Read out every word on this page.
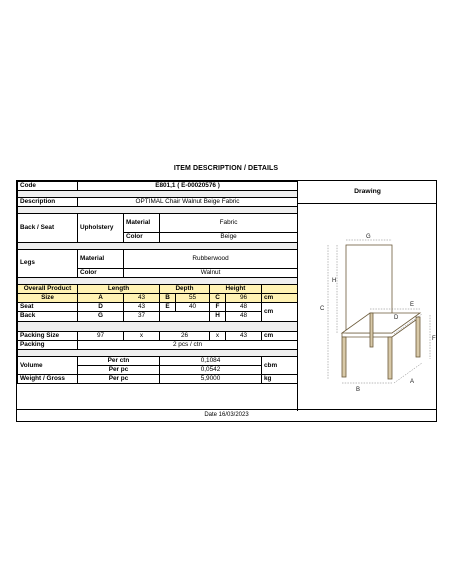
ITEM DESCRIPTION / DETAILS
Code	E801,1 ( E-00020576 )						

Description	OPTIMAL Chair Walnut Beige Fabric						

Back / Seat	Upholstery	Material	Fabric				
		Color	Beige				

Legs	Material	Rubberwood					
	Color	Walnut					

Overall Product	Length		Depth		Height		
Size	A	43	B	55	C	96	cm
Seat	D	43	E	40	F	48	cm
Back	G	37			H	48	

Packing Size	97	x	26		x	43	cm
Packing	2 pcs / ctn						

Volume	Per ctn		0,1084				cbm
	Per pc		0,0542				
Weight / Gross	Per pc		5,9000				kg
Drawing
G
H
C
E
D
F
B
A
Date 16/03/2023
